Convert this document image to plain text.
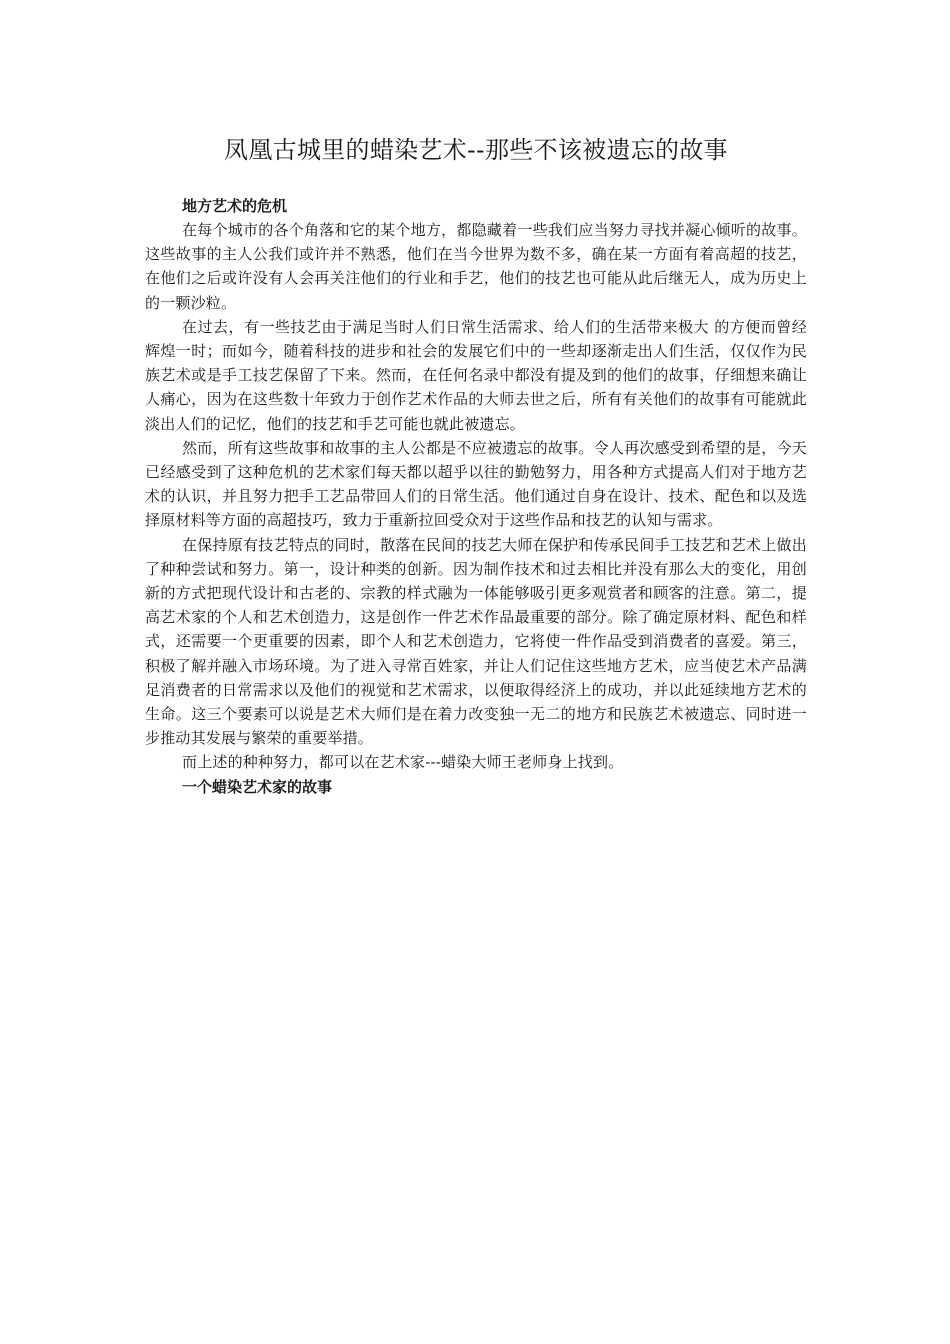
凤凰古城里的蜡染艺术--那些不该被遗忘的故事

地方艺术的危机

在每个城市的各个角落和它的某个地方，都隐藏着一些我们应当努力寻找并凝心倾听的故事。这些故事的主人公我们或许并不熟悉，他们在当今世界为数不多，确在某一方面有着高超的技艺，在他们之后或许没有人会再关注他们的行业和手艺，他们的技艺也可能从此后继无人，成为历史上的一颗沙粒。

在过去，有一些技艺由于满足当时人们日常生活需求、给人们的生活带来极大 的方便而曾经辉煌一时；而如今，随着科技的进步和社会的发展它们中的一些却逐渐走出人们生活，仅仅作为民族艺术或是手工技艺保留了下来。然而，在任何名录中都没有提及到的他们的故事，仔细想来确让人痛心，因为在这些数十年致力于创作艺术作品的大师去世之后，所有有关他们的故事有可能就此淡出人们的记忆，他们的技艺和手艺可能也就此被遗忘。

然而，所有这些故事和故事的主人公都是不应被遗忘的故事。令人再次感受到希望的是，今天已经感受到了这种危机的艺术家们每天都以超乎以往的勤勉努力，用各种方式提高人们对于地方艺术的认识，并且努力把手工艺品带回人们的日常生活。他们通过自身在设计、技术、配色和以及选择原材料等方面的高超技巧，致力于重新拉回受众对于这些作品和技艺的认知与需求。

在保持原有技艺特点的同时，散落在民间的技艺大师在保护和传承民间手工技艺和艺术上做出了种种尝试和努力。第一，设计种类的创新。因为制作技术和过去相比并没有那么大的变化，用创新的方式把现代设计和古老的、宗教的样式融为一体能够吸引更多观赏者和顾客的注意。第二，提高艺术家的个人和艺术创造力，这是创作一件艺术作品最重要的部分。除了确定原材料、配色和样式，还需要一个更重要的因素，即个人和艺术创造力，它将使一件作品受到消费者的喜爱。第三，积极了解并融入市场环境。为了进入寻常百姓家，并让人们记住这些地方艺术，应当使艺术产品满足消费者的日常需求以及他们的视觉和艺术需求，以便取得经济上的成功，并以此延续地方艺术的生命。这三个要素可以说是艺术大师们是在着力改变独一无二的地方和民族艺术被遗忘、同时进一步推动其发展与繁荣的重要举措。

而上述的种种努力，都可以在艺术家---蜡染大师王老师身上找到。

一个蜡染艺术家的故事
